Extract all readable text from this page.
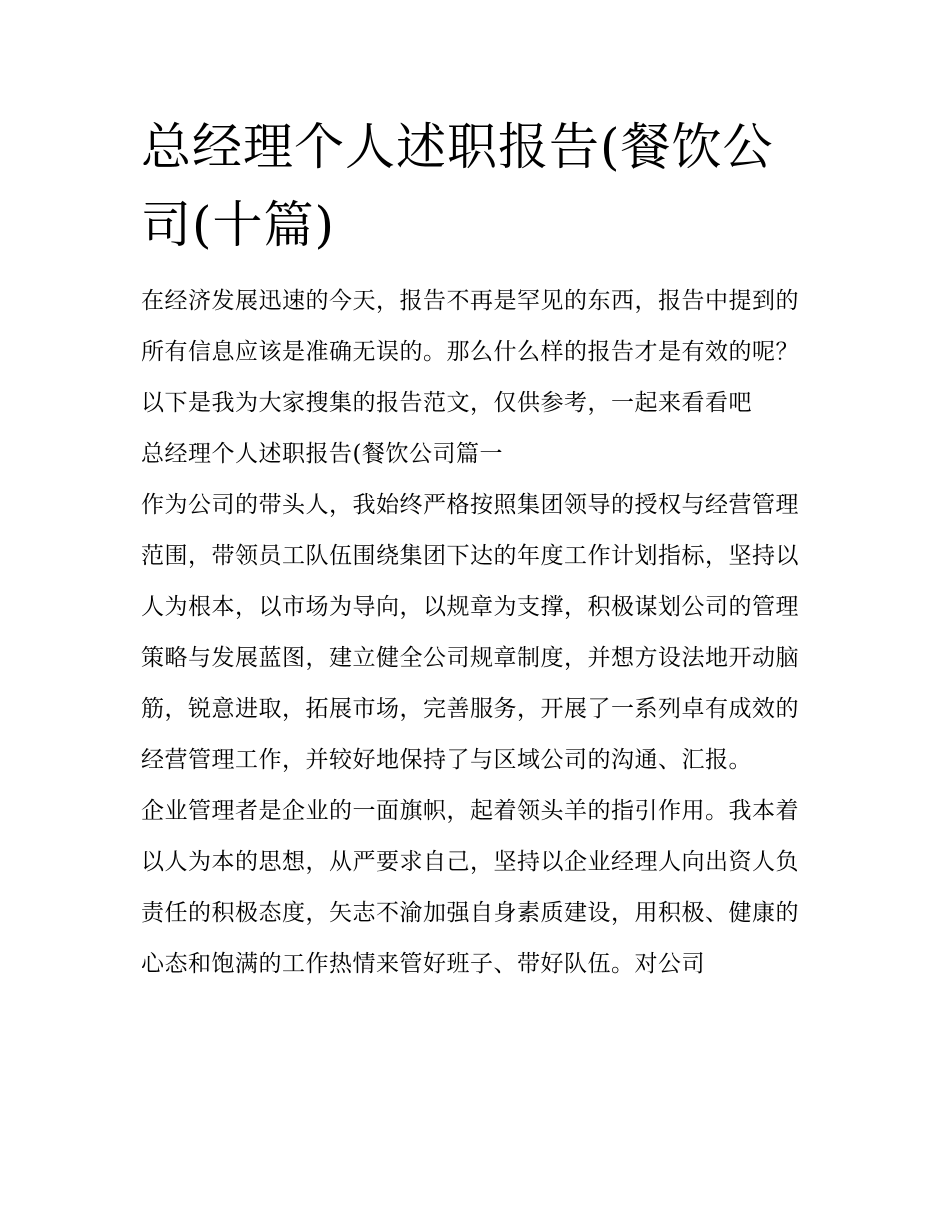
总经理个人述职报告(餐饮公司(十篇)

在经济发展迅速的今天，报告不再是罕见的东西，报告中提到的所有信息应该是准确无误的。那么什么样的报告才是有效的呢？以下是我为大家搜集的报告范文，仅供参考，一起来看看吧

总经理个人述职报告(餐饮公司篇一

作为公司的带头人，我始终严格按照集团领导的授权与经营管理范围，带领员工队伍围绕集团下达的年度工作计划指标，坚持以人为根本，以市场为导向，以规章为支撑，积极谋划公司的管理策略与发展蓝图，建立健全公司规章制度，并想方设法地开动脑筋，锐意进取，拓展市场，完善服务，开展了一系列卓有成效的经营管理工作，并较好地保持了与区域公司的沟通、汇报。

企业管理者是企业的一面旗帜，起着领头羊的指引作用。我本着以人为本的思想，从严要求自己，坚持以企业经理人向出资人负责任的积极态度，矢志不渝加强自身素质建设，用积极、健康的心态和饱满的工作热情来管好班子、带好队伍。对公司
